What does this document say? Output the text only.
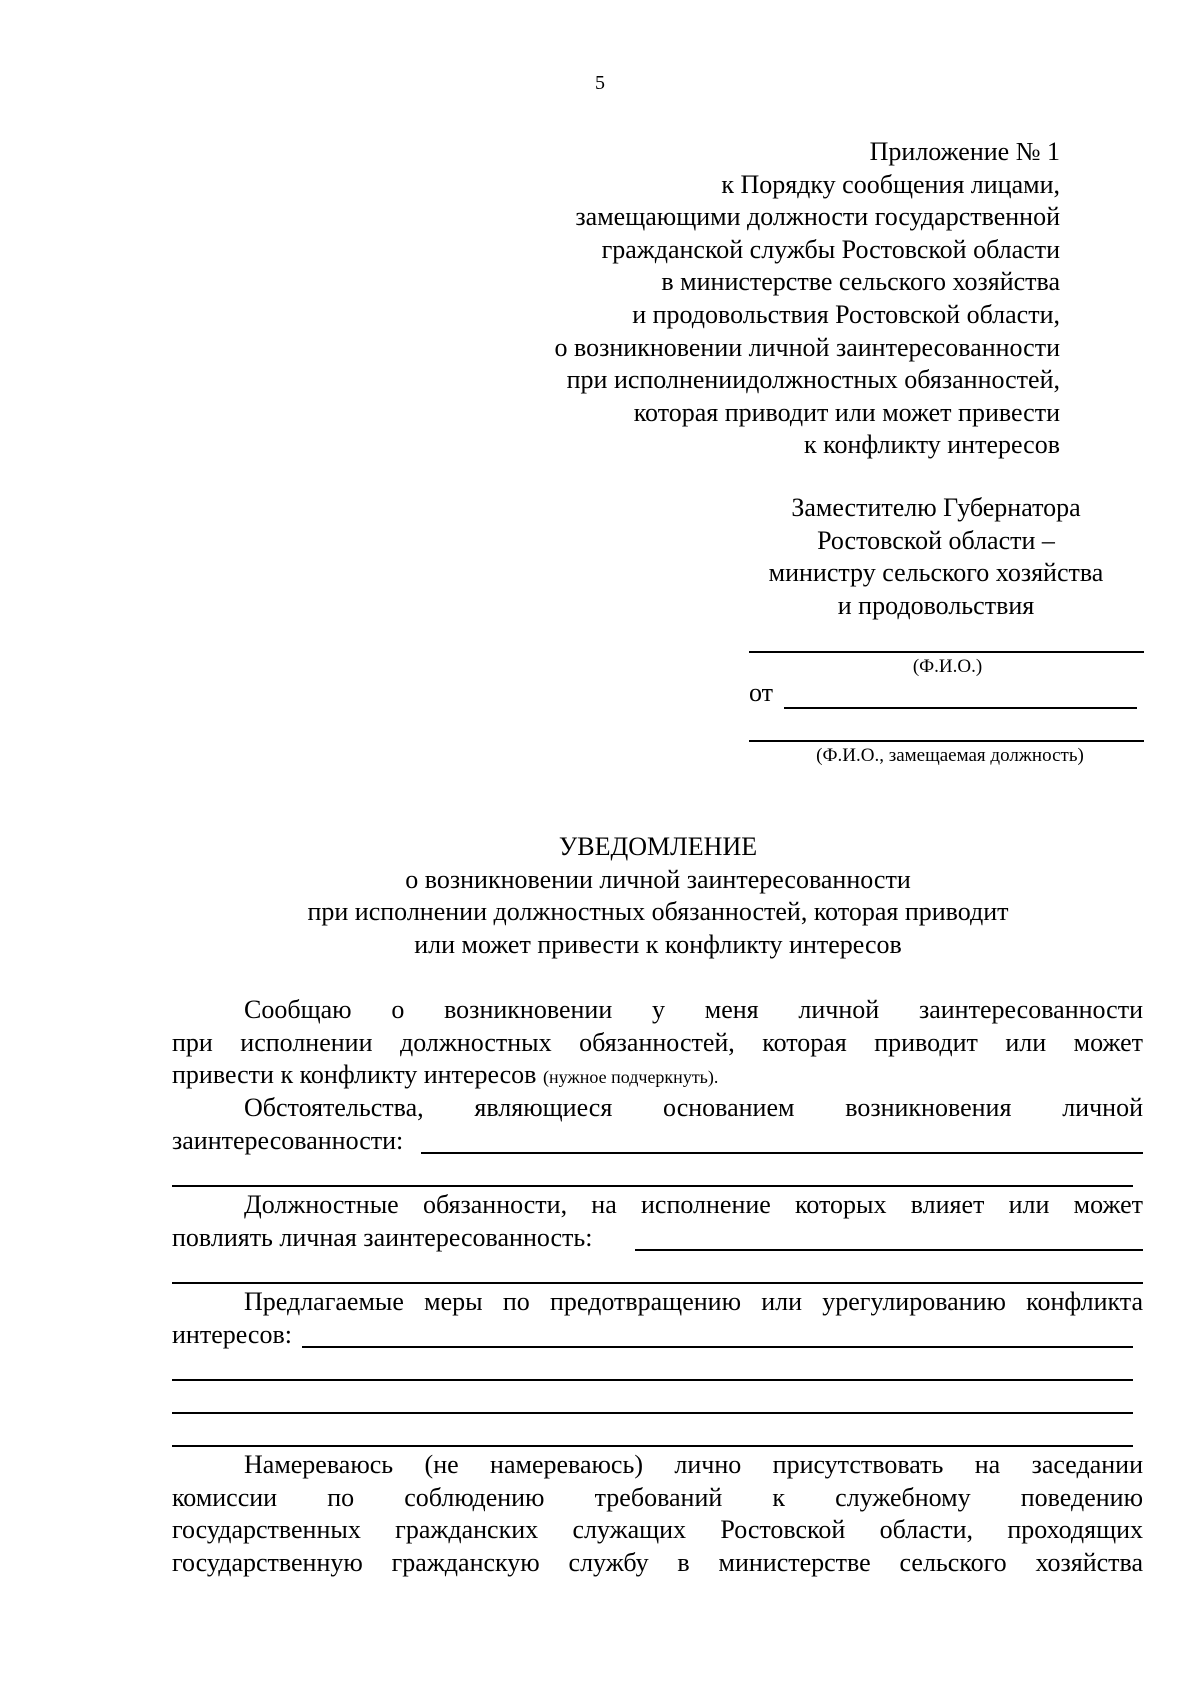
5
Приложение № 1
к Порядку сообщения лицами,
замещающими должности государственной
гражданской службы Ростовской области
в министерстве сельского хозяйства
и продовольствия Ростовской области,
о возникновении личной заинтересованности
при исполнениидолжностных обязанностей,
которая приводит или может привести
к конфликту интересов
Заместителю Губернатора
Ростовской области –
министру сельского хозяйства
и продовольствия
(Ф.И.О.)
от
(Ф.И.О., замещаемая должность)
УВЕДОМЛЕНИЕ
о возникновении личной заинтересованности
при исполнении должностных обязанностей, которая приводит
или может привести к конфликту интересов
Сообщаю о возникновении у меня личной заинтересованности
при исполнении должностных обязанностей, которая приводит или может
привести к конфликту интересов (нужное подчеркнуть).
Обстоятельства, являющиеся основанием возникновения личной
заинтересованности:
Должностные обязанности, на исполнение которых влияет или может
повлиять личная заинтересованность:
Предлагаемые меры по предотвращению или урегулированию конфликта
интересов:
Намереваюсь (не намереваюсь) лично присутствовать на заседании
комиссии по соблюдению требований к служебному поведению
государственных гражданских служащих Ростовской области, проходящих
государственную гражданскую службу в министерстве сельского хозяйства
